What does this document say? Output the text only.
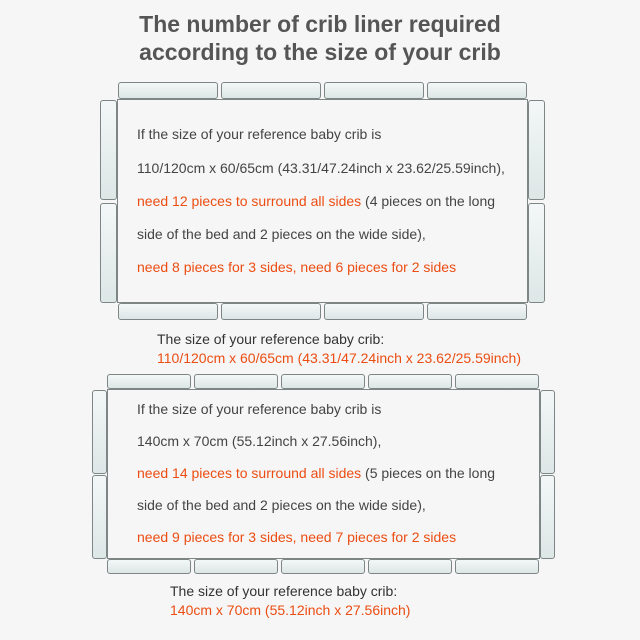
The number of crib liner required
according to the size of your crib
If the size of your reference baby crib is
110/120cm x 60/65cm (43.31/47.24inch x 23.62/25.59inch),
need 12 pieces to surround all sides (4 pieces on the long
side of the bed and 2 pieces on the wide side),
need 8 pieces for 3 sides, need 6 pieces for 2 sides
The size of your reference baby crib:
110/120cm x 60/65cm (43.31/47.24inch x 23.62/25.59inch)
If the size of your reference baby crib is
140cm x 70cm (55.12inch x 27.56inch),
need 14 pieces to surround all sides (5 pieces on the long
side of the bed and 2 pieces on the wide side),
need 9 pieces for 3 sides, need 7 pieces for 2 sides
The size of your reference baby crib:
140cm x 70cm (55.12inch x 27.56inch)
